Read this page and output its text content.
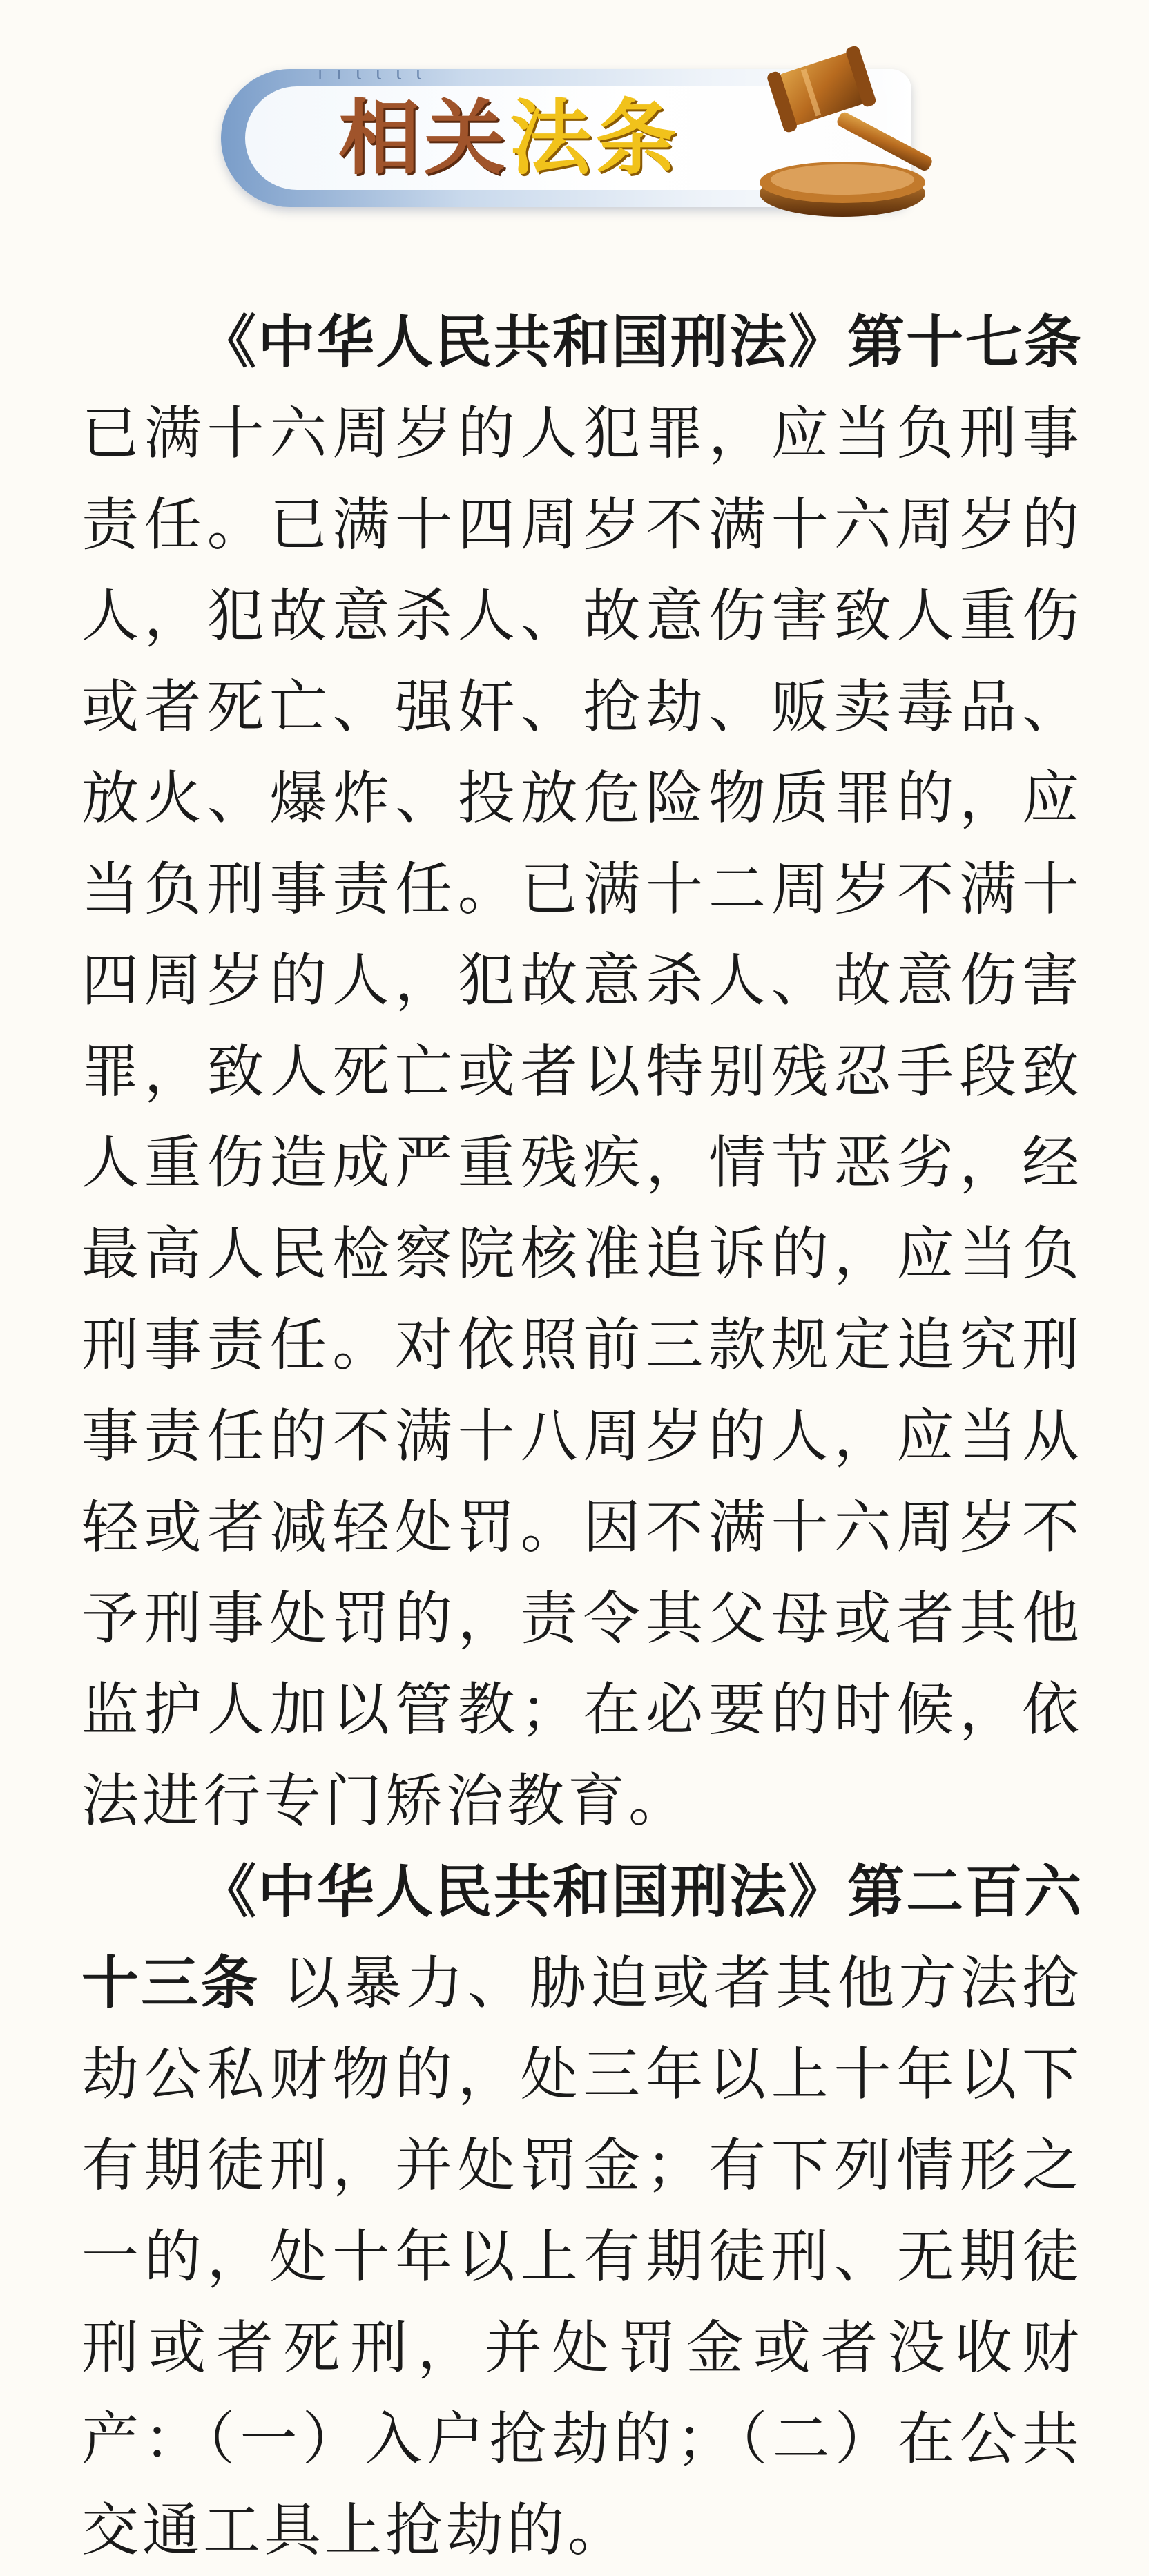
ı ı ɩ ɩ ɩ ɩ
相关法条

《中华人民共和国刑法》第十七条已满十六周岁的人犯罪，应当负刑事责任。已满十四周岁不满十六周岁的人，犯故意杀人、故意伤害致人重伤或者死亡、强奸、抢劫、贩卖毒品、放火、爆炸、投放危险物质罪的，应当负刑事责任。已满十二周岁不满十四周岁的人，犯故意杀人、故意伤害罪，致人死亡或者以特别残忍手段致人重伤造成严重残疾，情节恶劣，经最高人民检察院核准追诉的，应当负刑事责任。对依照前三款规定追究刑事责任的不满十八周岁的人，应当从轻或者减轻处罚。因不满十六周岁不予刑事处罚的，责令其父母或者其他监护人加以管教；在必要的时候，依法进行专门矫治教育。

《中华人民共和国刑法》第二百六十三条 以暴力、胁迫或者其他方法抢劫公私财物的，处三年以上十年以下有期徒刑，并处罚金；有下列情形之一的，处十年以上有期徒刑、无期徒刑或者死刑，并处罚金或者没收财产：（一）入户抢劫的；（二）在公共交通工具上抢劫的。
